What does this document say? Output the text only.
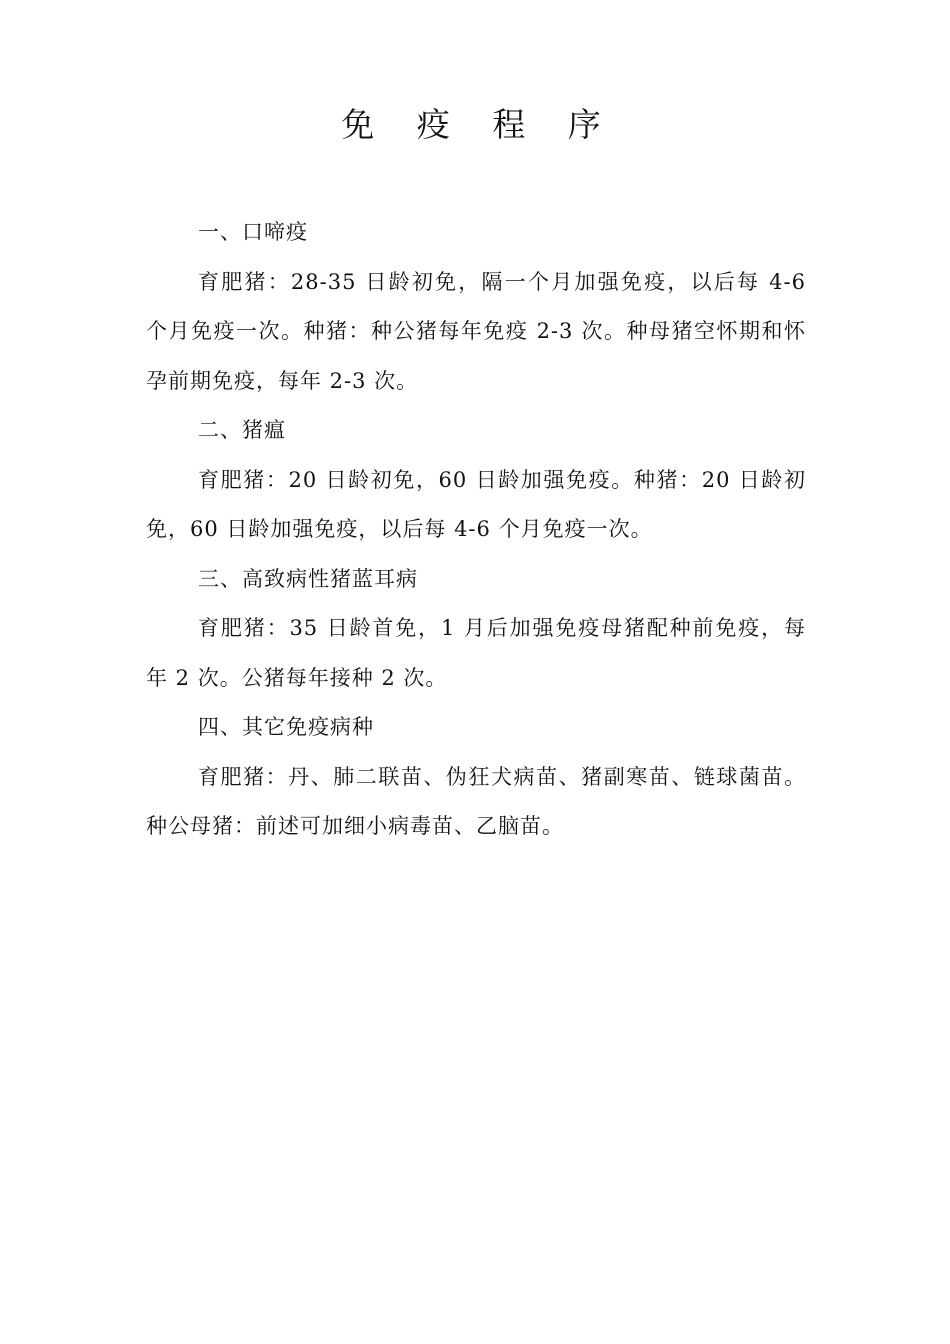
免 疫 程 序

一、口啼疫

育肥猪：28-35 日龄初免，隔一个月加强免疫，以后每 4-6 个月免疫一次。种猪：种公猪每年免疫 2-3 次。种母猪空怀期和怀孕前期免疫，每年 2-3 次。

二、猪瘟

育肥猪：20 日龄初免，60 日龄加强免疫。种猪：20 日龄初免，60 日龄加强免疫，以后每 4-6 个月免疫一次。

三、高致病性猪蓝耳病

育肥猪：35 日龄首免，1 月后加强免疫母猪配种前免疫，每年 2 次。公猪每年接种 2 次。

四、其它免疫病种

育肥猪：丹、肺二联苗、伪狂犬病苗、猪副寒苗、链球菌苗。种公母猪：前述可加细小病毒苗、乙脑苗。
